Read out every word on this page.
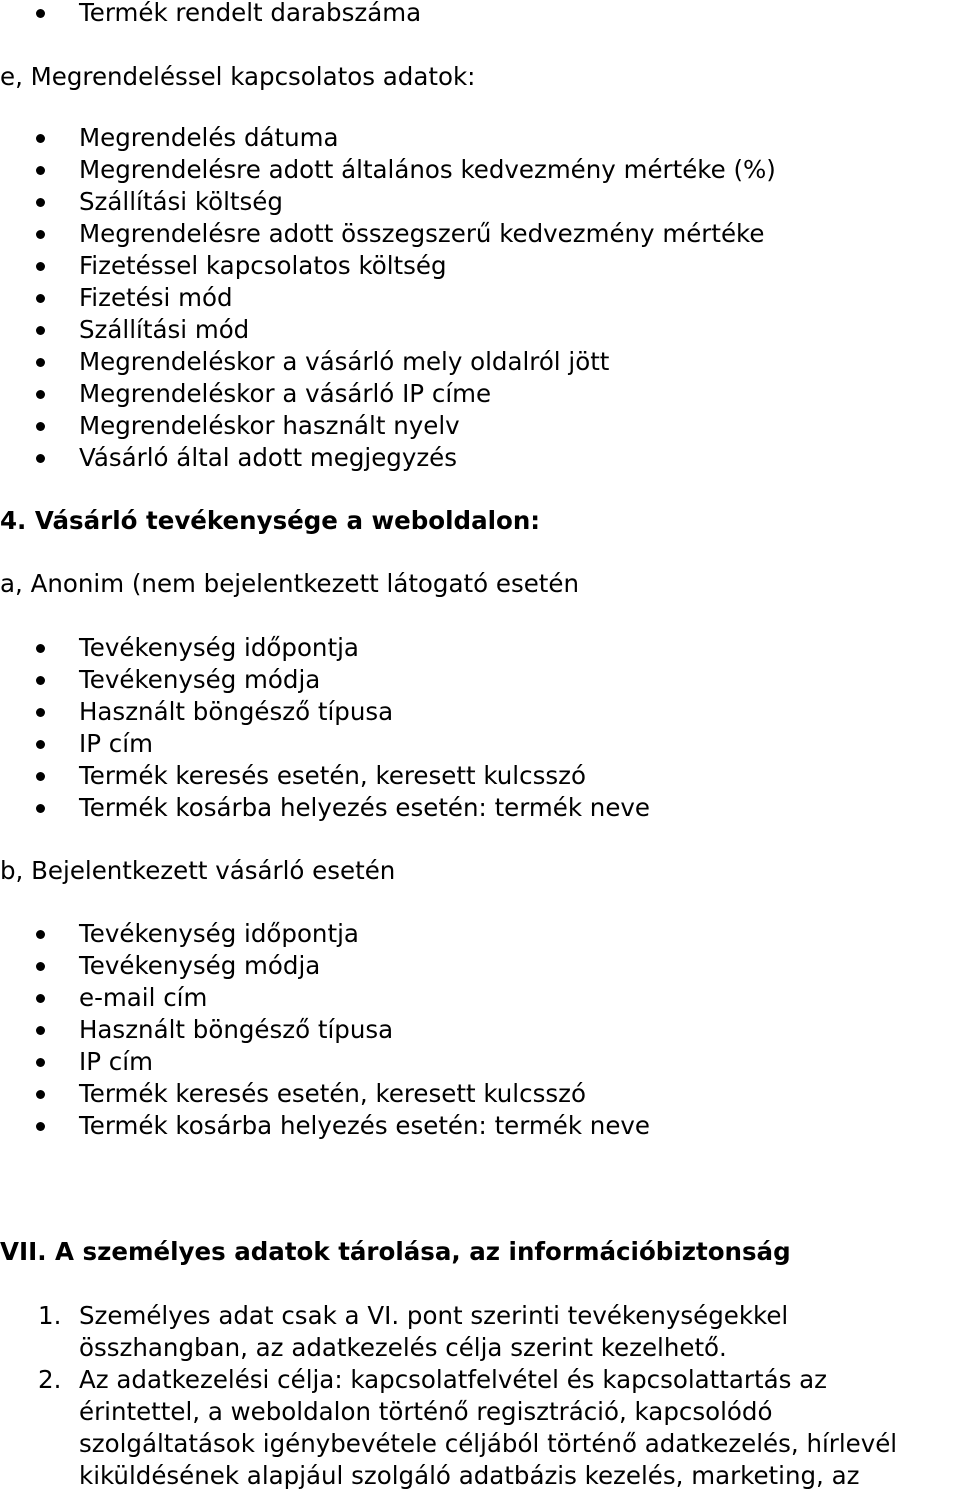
Termék rendelt darabszáma
e, Megrendeléssel kapcsolatos adatok:
Megrendelés dátuma
Megrendelésre adott általános kedvezmény mértéke (%)
Szállítási költség
Megrendelésre adott összegszerű kedvezmény mértéke
Fizetéssel kapcsolatos költség
Fizetési mód
Szállítási mód
Megrendeléskor a vásárló mely oldalról jött
Megrendeléskor a vásárló IP címe
Megrendeléskor használt nyelv
Vásárló által adott megjegyzés
4. Vásárló tevékenysége a weboldalon:
a, Anonim (nem bejelentkezett látogató esetén
Tevékenység időpontja
Tevékenység módja
Használt böngésző típusa
IP cím
Termék keresés esetén, keresett kulcsszó
Termék kosárba helyezés esetén: termék neve
b, Bejelentkezett vásárló esetén
Tevékenység időpontja
Tevékenység módja
e-mail cím
Használt böngésző típusa
IP cím
Termék keresés esetén, keresett kulcsszó
Termék kosárba helyezés esetén: termék neve
VII. A személyes adatok tárolása, az információbiztonság
1. Személyes adat csak a VI. pont szerinti tevékenységekkel
összhangban, az adatkezelés célja szerint kezelhető.
2. Az adatkezelési célja: kapcsolatfelvétel és kapcsolattartás az
érintettel, a weboldalon történő regisztráció, kapcsolódó
szolgáltatások igénybevétele céljából történő adatkezelés, hírlevél
kiküldésének alapjául szolgáló adatbázis kezelés, marketing, az
